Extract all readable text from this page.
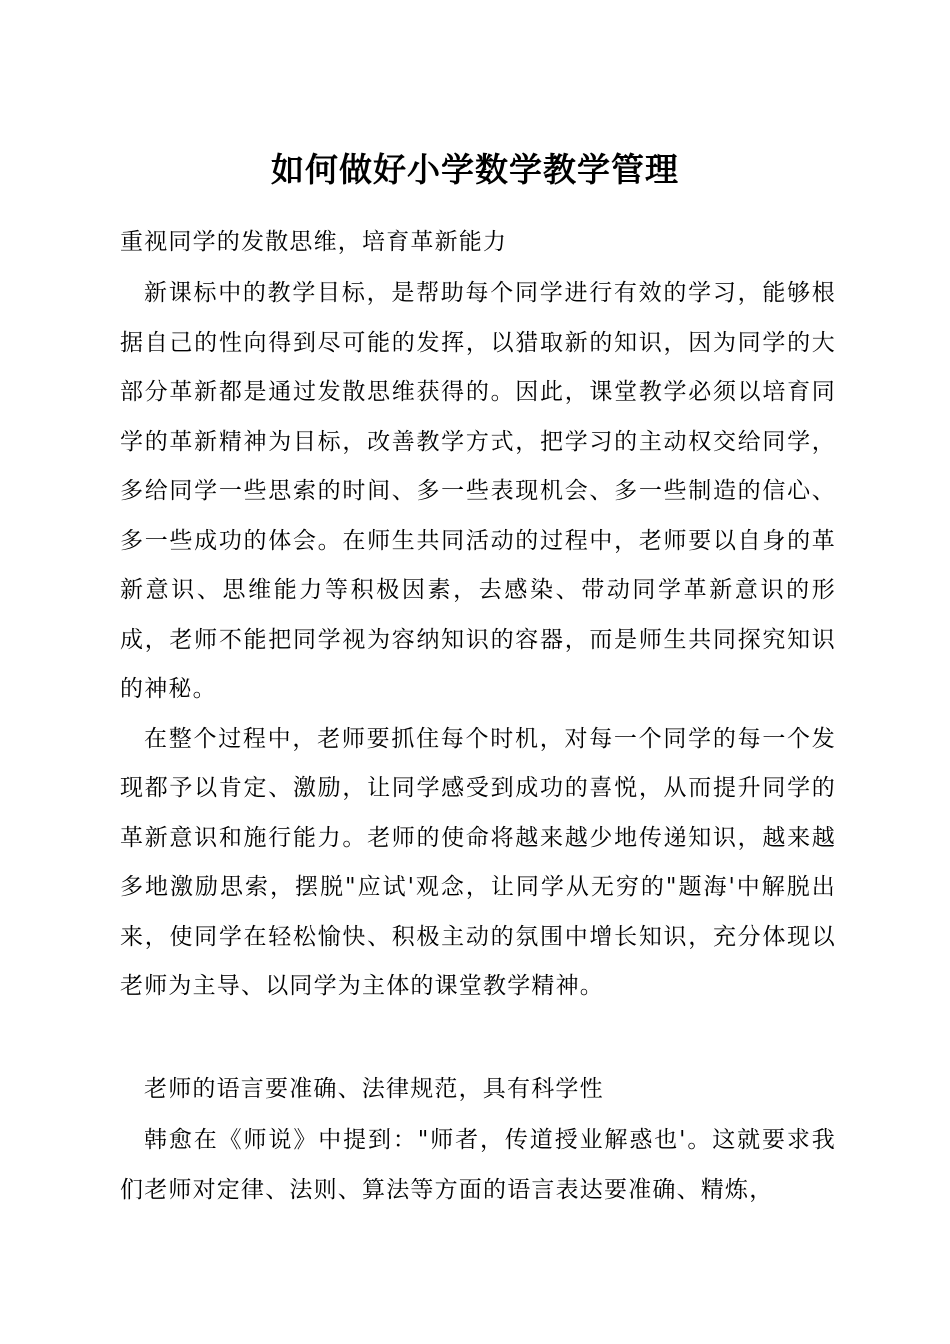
如何做好小学数学教学管理
重视同学的发散思维，培育革新能力

新课标中的教学目标，是帮助每个同学进行有效的学习，能够根据自己的性向得到尽可能的发挥，以猎取新的知识，因为同学的大部分革新都是通过发散思维获得的。因此，课堂教学必须以培育同学的革新精神为目标，改善教学方式，把学习的主动权交给同学，多给同学一些思索的时间、多一些表现机会、多一些制造的信心、多一些成功的体会。在师生共同活动的过程中，老师要以自身的革新意识、思维能力等积极因素，去感染、带动同学革新意识的形成，老师不能把同学视为容纳知识的容器，而是师生共同探究知识的神秘。

在整个过程中，老师要抓住每个时机，对每一个同学的每一个发现都予以肯定、激励，让同学感受到成功的喜悦，从而提升同学的革新意识和施行能力。老师的使命将越来越少地传递知识，越来越多地激励思索，摆脱"应试'观念，让同学从无穷的"题海'中解脱出来，使同学在轻松愉快、积极主动的氛围中增长知识，充分体现以老师为主导、以同学为主体的课堂教学精神。

老师的语言要准确、法律规范，具有科学性

韩愈在《师说》中提到："师者，传道授业解惑也'。这就要求我们老师对定律、法则、算法等方面的语言表达要准确、精炼，
